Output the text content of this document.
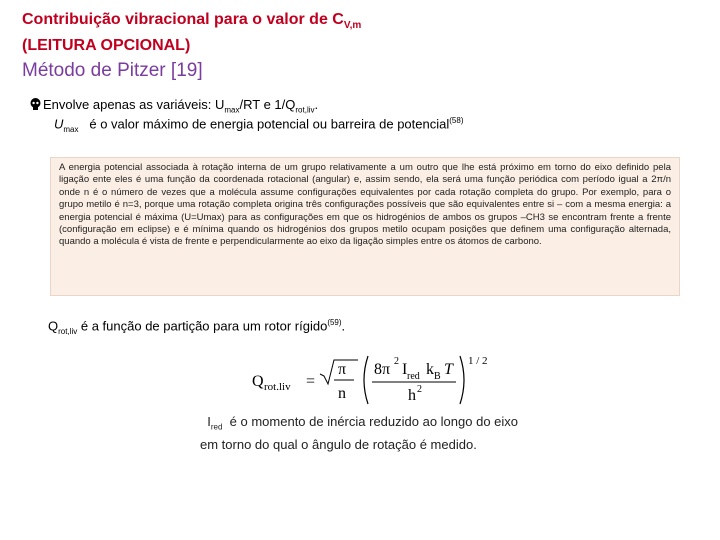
Contribuição vibracional para o valor de $C_{V,m}$
(LEITURA OPCIONAL)
Método de Pitzer [19]
Envolve apenas as variáveis: $U_{max}/RT$ e $1/Q_{rot,liv}$.
$U_{max}$ é o valor máximo de energia potencial ou barreira de potencial$^{(58)}$
A energia potencial associada à rotação interna de um grupo relativamente a um outro que lhe está próximo em torno do eixo definido pela ligação ente eles é uma função da coordenada rotacional (angular) e, assim sendo, ela será uma função periódica com período igual a 2π/n onde n é o número de vezes que a molécula assume configurações equivalentes por cada rotação completa do grupo. Por exemplo, para o grupo metilo é n=3, porque uma rotação completa origina três configurações possíveis que são equivalentes entre si – com a mesma energia: a energia potencial é máxima (U=Umax) para as configurações em que os hidrogénios de ambos os grupos –CH3 se encontram frente a frente (configuração em eclipse) e é mínima quando os hidrogénios dos grupos metilo ocupam posições que definem uma configuração alternada, quando a molécula é vista de frente e perpendicularmente ao eixo da ligação simples entre os átomos de carbono.
$Q_{rot,liv}$ é a função de partição para um rotor rígido$^{(59)}$.
Q rot.liv =
π
n
8π 2 I red k B T
h 2
1 / 2
$I_{red}$ é o momento de inércia reduzido ao longo do eixo
em torno do qual o ângulo de rotação é medido.
